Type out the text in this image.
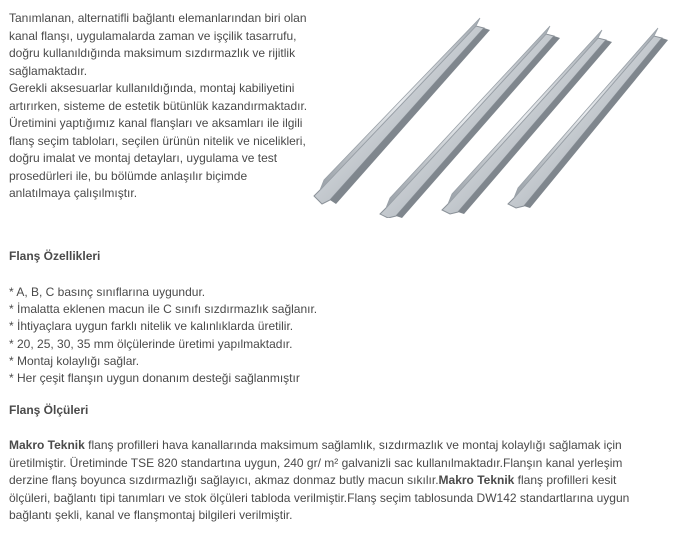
Tanımlanan, alternatifli bağlantı elemanlarından biri olan kanal flanşı, uygulamalarda zaman ve işçilik tasarrufu, doğru kullanıldığında maksimum sızdırmazlık ve rijitlik sağlamaktadır.

Gerekli aksesuarlar kullanıldığında, montaj kabiliyetini artırırken, sisteme de estetik bütünlük kazandırmaktadır.

Üretimini yaptığımız kanal flanşları ve aksamları ile ilgili flanş seçim tabloları, seçilen ürünün nitelik ve nicelikleri, doğru imalat ve montaj detayları, uygulama ve test prosedürleri ile, bu bölümde anlaşılır biçimde anlatılmaya çalışılmıştır.

Flanş Özellikleri
* A, B, C basınç sınıflarına uygundur.
* İmalatta eklenen macun ile C sınıfı sızdırmazlık sağlanır.
* İhtiyaçlara uygun farklı nitelik ve kalınlıklarda üretilir.
* 20, 25, 30, 35 mm ölçülerinde üretimi yapılmaktadır.
* Montaj kolaylığı sağlar.
* Her çeşit flanşın uygun donanım desteği sağlanmıştır
Flanş Ölçüleri

Makro Teknik flanş profilleri hava kanallarında maksimum sağlamlık, sızdırmazlık ve montaj kolaylığı sağlamak için üretilmiştir. Üretiminde TSE 820 standartına uygun, 240 gr/ m² galvanizli sac kullanılmaktadır.Flanşın kanal yerleşim derzine flanş boyunca sızdırmazlığı sağlayıcı, akmaz donmaz butly macun sıkılır.Makro Teknik flanş profilleri kesit ölçüleri, bağlantı tipi tanımları ve stok ölçüleri tabloda verilmiştir.Flanş seçim tablosunda DW142 standartlarına uygun bağlantı şekli, kanal ve flanşmontaj bilgileri verilmiştir.
